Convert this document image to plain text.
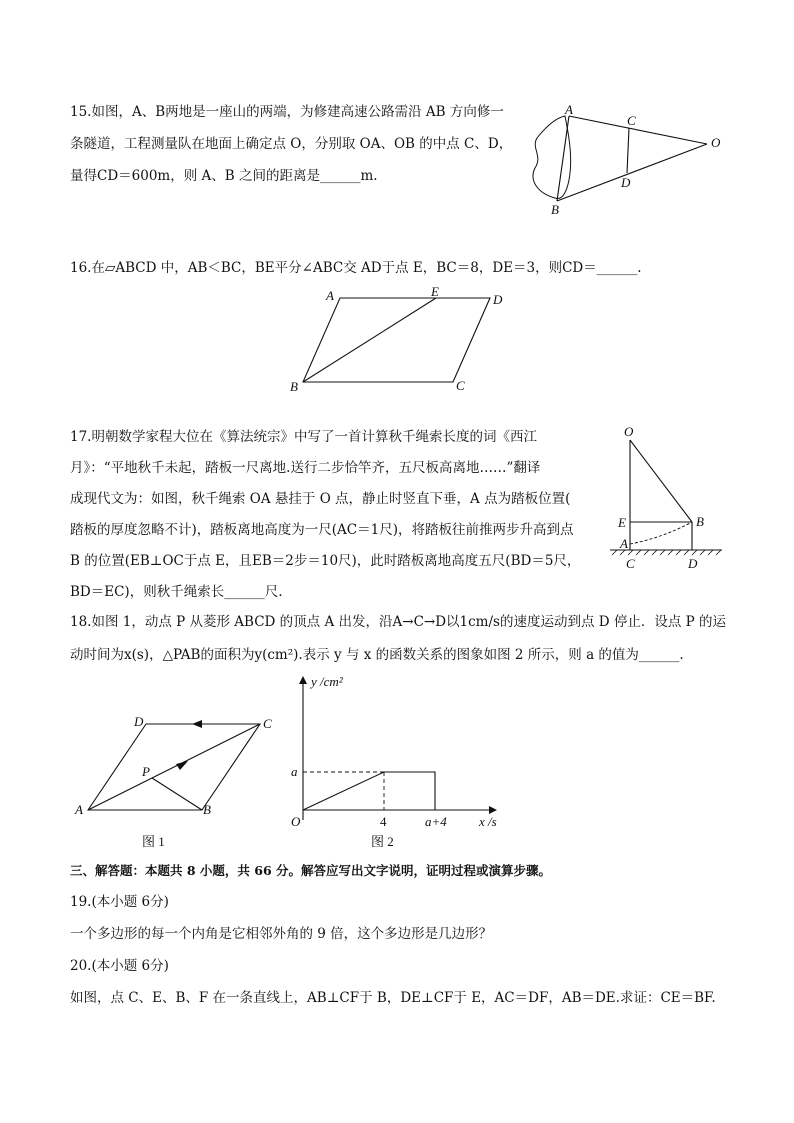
15.如图，A、B两地是一座山的两端，为修建高速公路需沿 AB 方向修一
条隧道，工程测量队在地面上确定点 O，分别取 OA、OB 的中点 C、D，
量得CD＝600m，则 A、B 之间的距离是______m.
A
B
C
D
O
16.在▱ABCD 中，AB＜BC，BE平分∠ABC交 AD于点 E，BC＝8，DE＝3，则CD＝______.
A	E
D
B	C
17.明朝数学家程大位在《算法统宗》中写了一首计算秋千绳索长度的词《西江
月》：“平地秋千未起，踏板一尺离地.送行二步恰竿齐，五尺板高离地……”翻译
成现代文为：如图，秋千绳索 OA 悬挂于 O 点，静止时竖直下垂，A 点为踏板位置(
踏板的厚度忽略不计)，踏板离地高度为一尺(AC＝1尺)，将踏板往前推两步升高到点
B 的位置(EB⊥OC于点 E，且EB＝2步＝10尺)，此时踏板离地高度五尺(BD＝5尺，
BD＝EC)，则秋千绳索长______尺.
O
E	B
A
C	D
18.如图 1，动点 P 从菱形 ABCD 的顶点 A 出发，沿A→C→D以1cm/s的速度运动到点 D 停止．设点 P 的运
动时间为x(s)，△PAB的面积为y(cm²).表示 y 与 x 的函数关系的图象如图 2 所示，则 a 的值为______.
D	C
P
A	B
图 1
y /cm²
x /s
O
a
4	a+4
图 2
三、解答题：本题共 8 小题，共 66 分。解答应写出文字说明，证明过程或演算步骤。
19.(本小题 6分)
一个多边形的每一个内角是它相邻外角的 9 倍，这个多边形是几边形？
20.(本小题 6分)
如图，点 C、E、B、F 在一条直线上，AB⊥CF于 B，DE⊥CF于 E，AC＝DF，AB＝DE.求证：CE＝BF.
